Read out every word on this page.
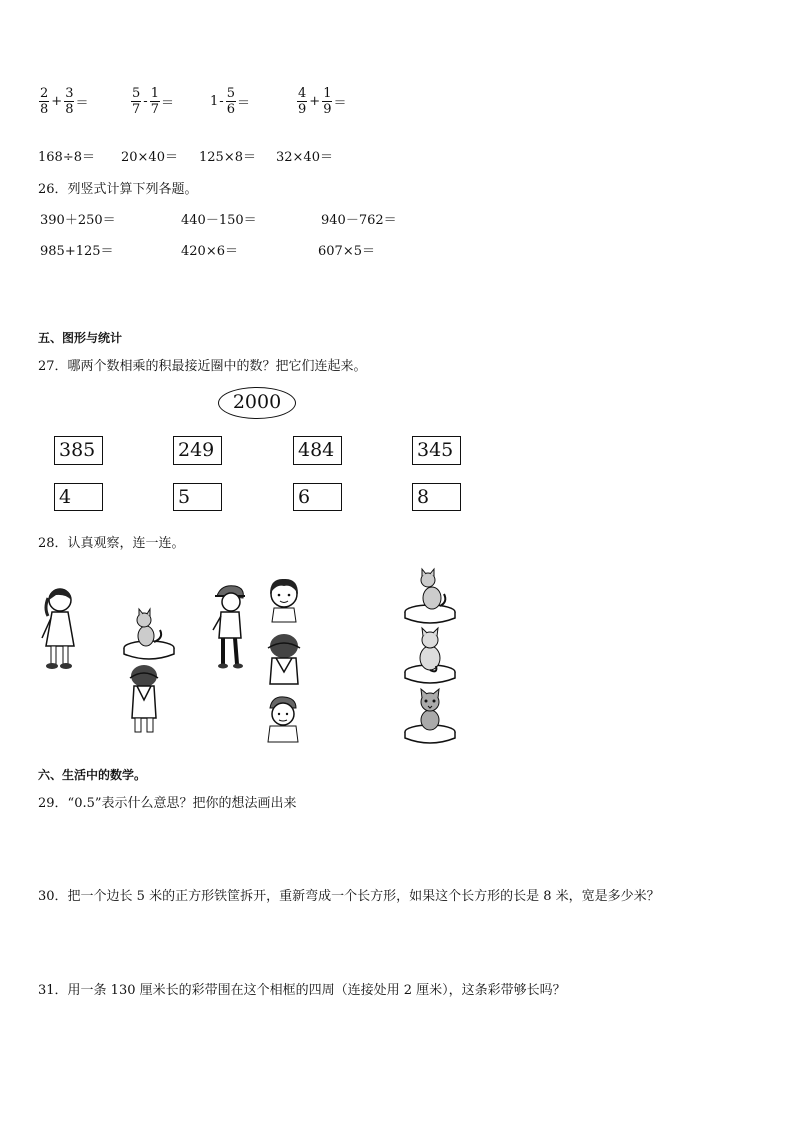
$\frac{2}{8} + \frac{3}{8}$ ＝	$\frac{5}{7} - \frac{1}{7}$ ＝	$1 - \frac{5}{6}$ ＝	$\frac{4}{9} + \frac{1}{9}$ ＝
168÷8＝ 20×40＝ 125×8＝ 32×40＝
26．列竖式计算下列各题。
390＋250＝	440－150＝	940－762＝
985+125＝	420×6＝	607×5＝
五、图形与统计
27．哪两个数相乘的积最接近圈中的数？把它们连起来。
2000
385	249	484	345
4	5	6	8
28．认真观察，连一连。
六、生活中的数学。
29．“0.5”表示什么意思？把你的想法画出来
30．把一个边长 5 米的正方形铁筐拆开，重新弯成一个长方形，如果这个长方形的长是 8 米，宽是多少米？
31．用一条 130 厘米长的彩带围在这个相框的四周（连接处用 2 厘米），这条彩带够长吗？
